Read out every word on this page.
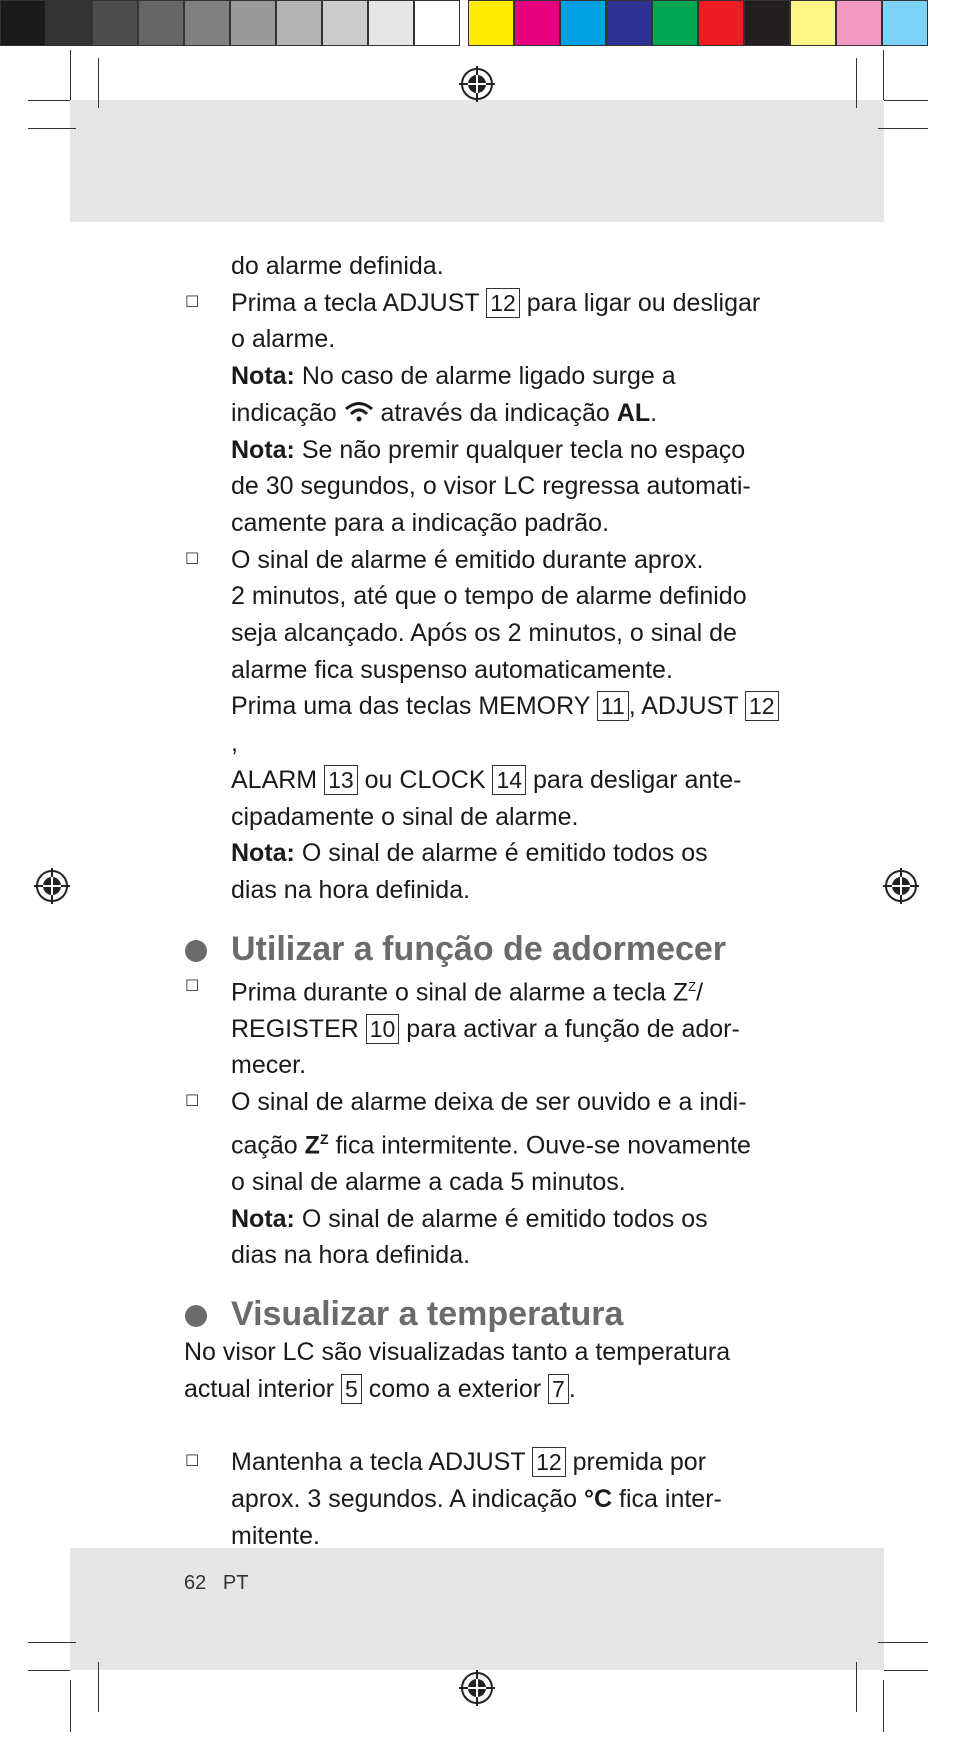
do alarme definida.
☐ Prima a tecla ADJUST 12 para ligar ou desligar
o alarme.
Nota: No caso de alarme ligado surge a
indicação  através da indicação AL.
Nota: Se não premir qualquer tecla no espaço
de 30 segundos, o visor LC regressa automati-
camente para a indicação padrão.
☐ O sinal de alarme é emitido durante aprox.
2 minutos, até que o tempo de alarme definido
seja alcançado. Após os 2 minutos, o sinal de
alarme fica suspenso automaticamente.
Prima uma das teclas MEMORY 11 , ADJUST 12,
ALARM 13 ou CLOCK 14 para desligar ante-
cipadamente o sinal de alarme.
Nota: O sinal de alarme é emitido todos os
dias na hora definida.
Utilizar a função de adormecer
☐ Prima durante o sinal de alarme a tecla $Z^Z/$
REGISTER 10 para activar a função de ador-
mecer.
☐ O sinal de alarme deixa de ser ouvido e a indi-
cação $Z^Z$ fica intermitente. Ouve-se novamente
o sinal de alarme a cada 5 minutos.
Nota: O sinal de alarme é emitido todos os
dias na hora definida.
Visualizar a temperatura
No visor LC são visualizadas tanto a temperatura
actual interior 5 como a exterior 7 .
☐ Mantenha a tecla ADJUST 12 premida por
aprox. 3 segundos. A indicação °C fica inter-
mitente.
62 PT
